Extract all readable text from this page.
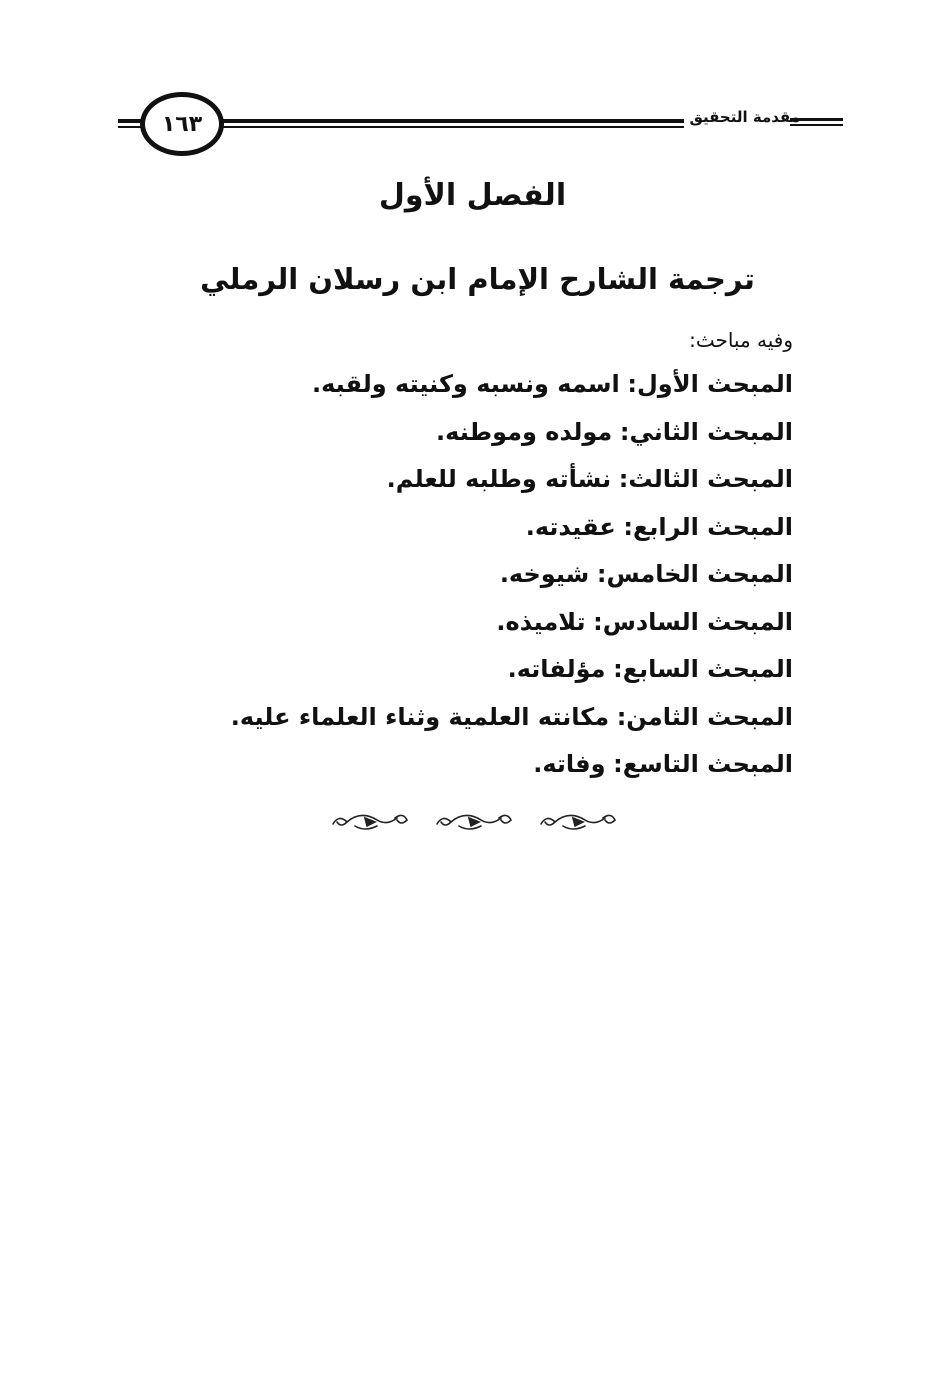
مقدمة التحقيق
١٦٣
الفصل الأول
ترجمة الشارح الإمام ابن رسلان الرملي
وفيه مباحث:
المبحث الأول: اسمه ونسبه وكنيته ولقبه.
المبحث الثاني: مولده وموطنه.
المبحث الثالث: نشأته وطلبه للعلم.
المبحث الرابع: عقيدته.
المبحث الخامس: شيوخه.
المبحث السادس: تلاميذه.
المبحث السابع: مؤلفاته.
المبحث الثامن: مكانته العلمية وثناء العلماء عليه.
المبحث التاسع: وفاته.
